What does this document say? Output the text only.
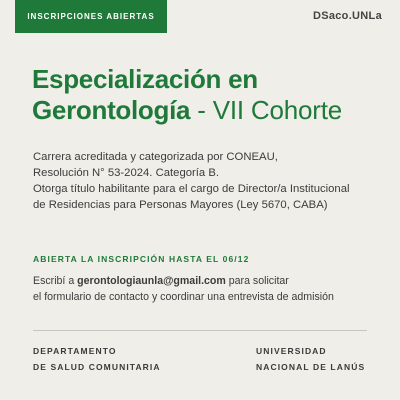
INSCRIPCIONES ABIERTAS	DSaco.UNLa
Especialización en
Gerontología - VII Cohorte
Carrera acreditada y categorizada por CONEAU,
Resolución N° 53-2024. Categoría B.
Otorga título habilitante para el cargo de Director/a Institucional
de Residencias para Personas Mayores (Ley 5670, CABA)
ABIERTA LA INSCRIPCIÓN HASTA EL 06/12
Escribí a gerontologiaunla@gmail.com para solicitar
el formulario de contacto y coordinar una entrevista de admisión
DEPARTAMENTO
DE SALUD COMUNITARIA
UNIVERSIDAD
NACIONAL DE LANÚS
